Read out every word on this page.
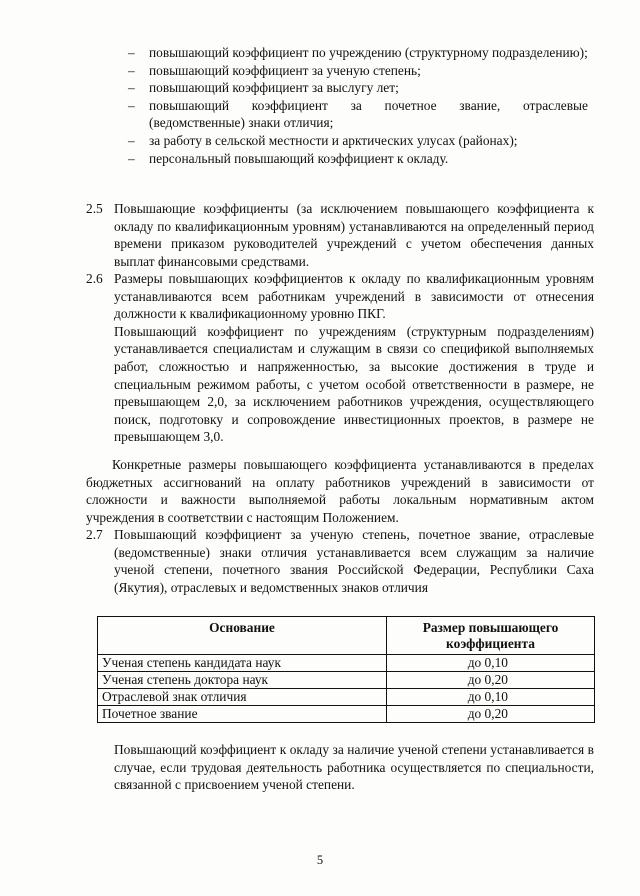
– повышающий коэффициент по учреждению (структурному подразделению);
– повышающий коэффициент за ученую степень;
– повышающий коэффициент за выслугу лет;
– повышающий коэффициент за почетное звание, отраслевые (ведомственные) знаки отличия;
– за работу в сельской местности и арктических улусах (районах);
– персональный повышающий коэффициент к окладу.
2.5 Повышающие коэффициенты (за исключением повышающего коэффициента к окладу по квалификационным уровням) устанавливаются на определенный период времени приказом руководителей учреждений с учетом обеспечения данных выплат финансовыми средствами.

2.6 Размеры повышающих коэффициентов к окладу по квалификационным уровням устанавливаются всем работникам учреждений в зависимости от отнесения должности к квалификационному уровню ПКГ.

Повышающий коэффициент по учреждениям (структурным подразделениям) устанавливается специалистам и служащим в связи со спецификой выполняемых работ, сложностью и напряженностью, за высокие достижения в труде и специальным режимом работы, с учетом особой ответственности в размере, не превышающем 2,0, за исключением работников учреждения, осуществляющего поиск, подготовку и сопровождение инвестиционных проектов, в размере не превышающем 3,0.

Конкретные размеры повышающего коэффициента устанавливаются в пределах бюджетных ассигнований на оплату работников учреждений в зависимости от сложности и важности выполняемой работы локальным нормативным актом учреждения в соответствии с настоящим Положением.

2.7 Повышающий коэффициент за ученую степень, почетное звание, отраслевые (ведомственные) знаки отличия устанавливается всем служащим за наличие ученой степени, почетного звания Российской Федерации, Республики Саха (Якутия), отраслевых и ведомственных знаков отличия

Основание	Размер повышающего коэффициента
Ученая степень кандидата наук	до 0,10
Ученая степень доктора наук	до 0,20
Отраслевой знак отличия	до 0,10
Почетное звание	до 0,20

Повышающий коэффициент к окладу за наличие ученой степени устанавливается в случае, если трудовая деятельность работника осуществляется по специальности, связанной с присвоением ученой степени.

5
